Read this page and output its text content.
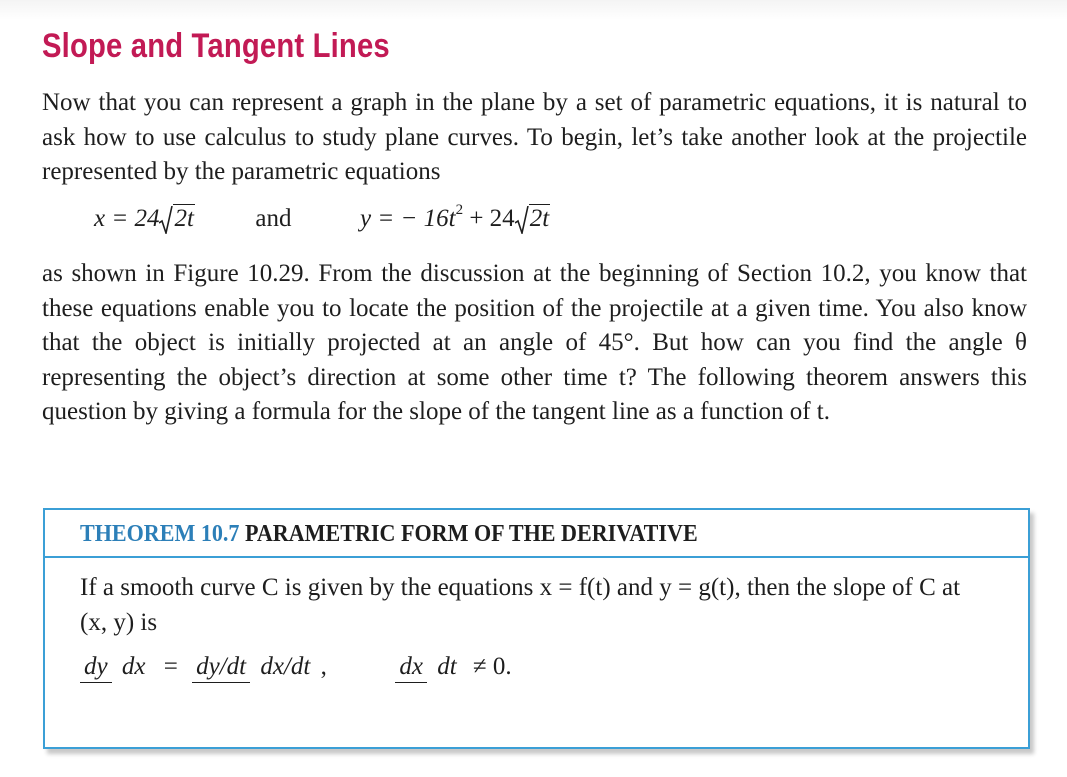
Slope and Tangent Lines

Now that you can represent a graph in the plane by a set of parametric equations, it is natural to ask how to use calculus to study plane curves. To begin, let’s take another look at the projectile represented by the parametric equations

x = 24 2t and	y = − 16t2 + 24 2t

as shown in Figure 10.29. From the discussion at the beginning of Section 10.2, you know that these equations enable you to locate the position of the projectile at a given time. You also know that the object is initially projected at an angle of 45°. But how can you find the angle θ representing the object’s direction at some other time t? The following theorem answers this question by giving a formula for the slope of the tangent line as a function of t.

THEOREM 10.7 PARAMETRIC FORM OF THE DERIVATIVE
If a smooth curve C is given by the equations x = f(t) and y = g(t), then the slope of C at (x, y) is
dy dx = dy/dt dx/dt ,	dx dt ≠ 0.
